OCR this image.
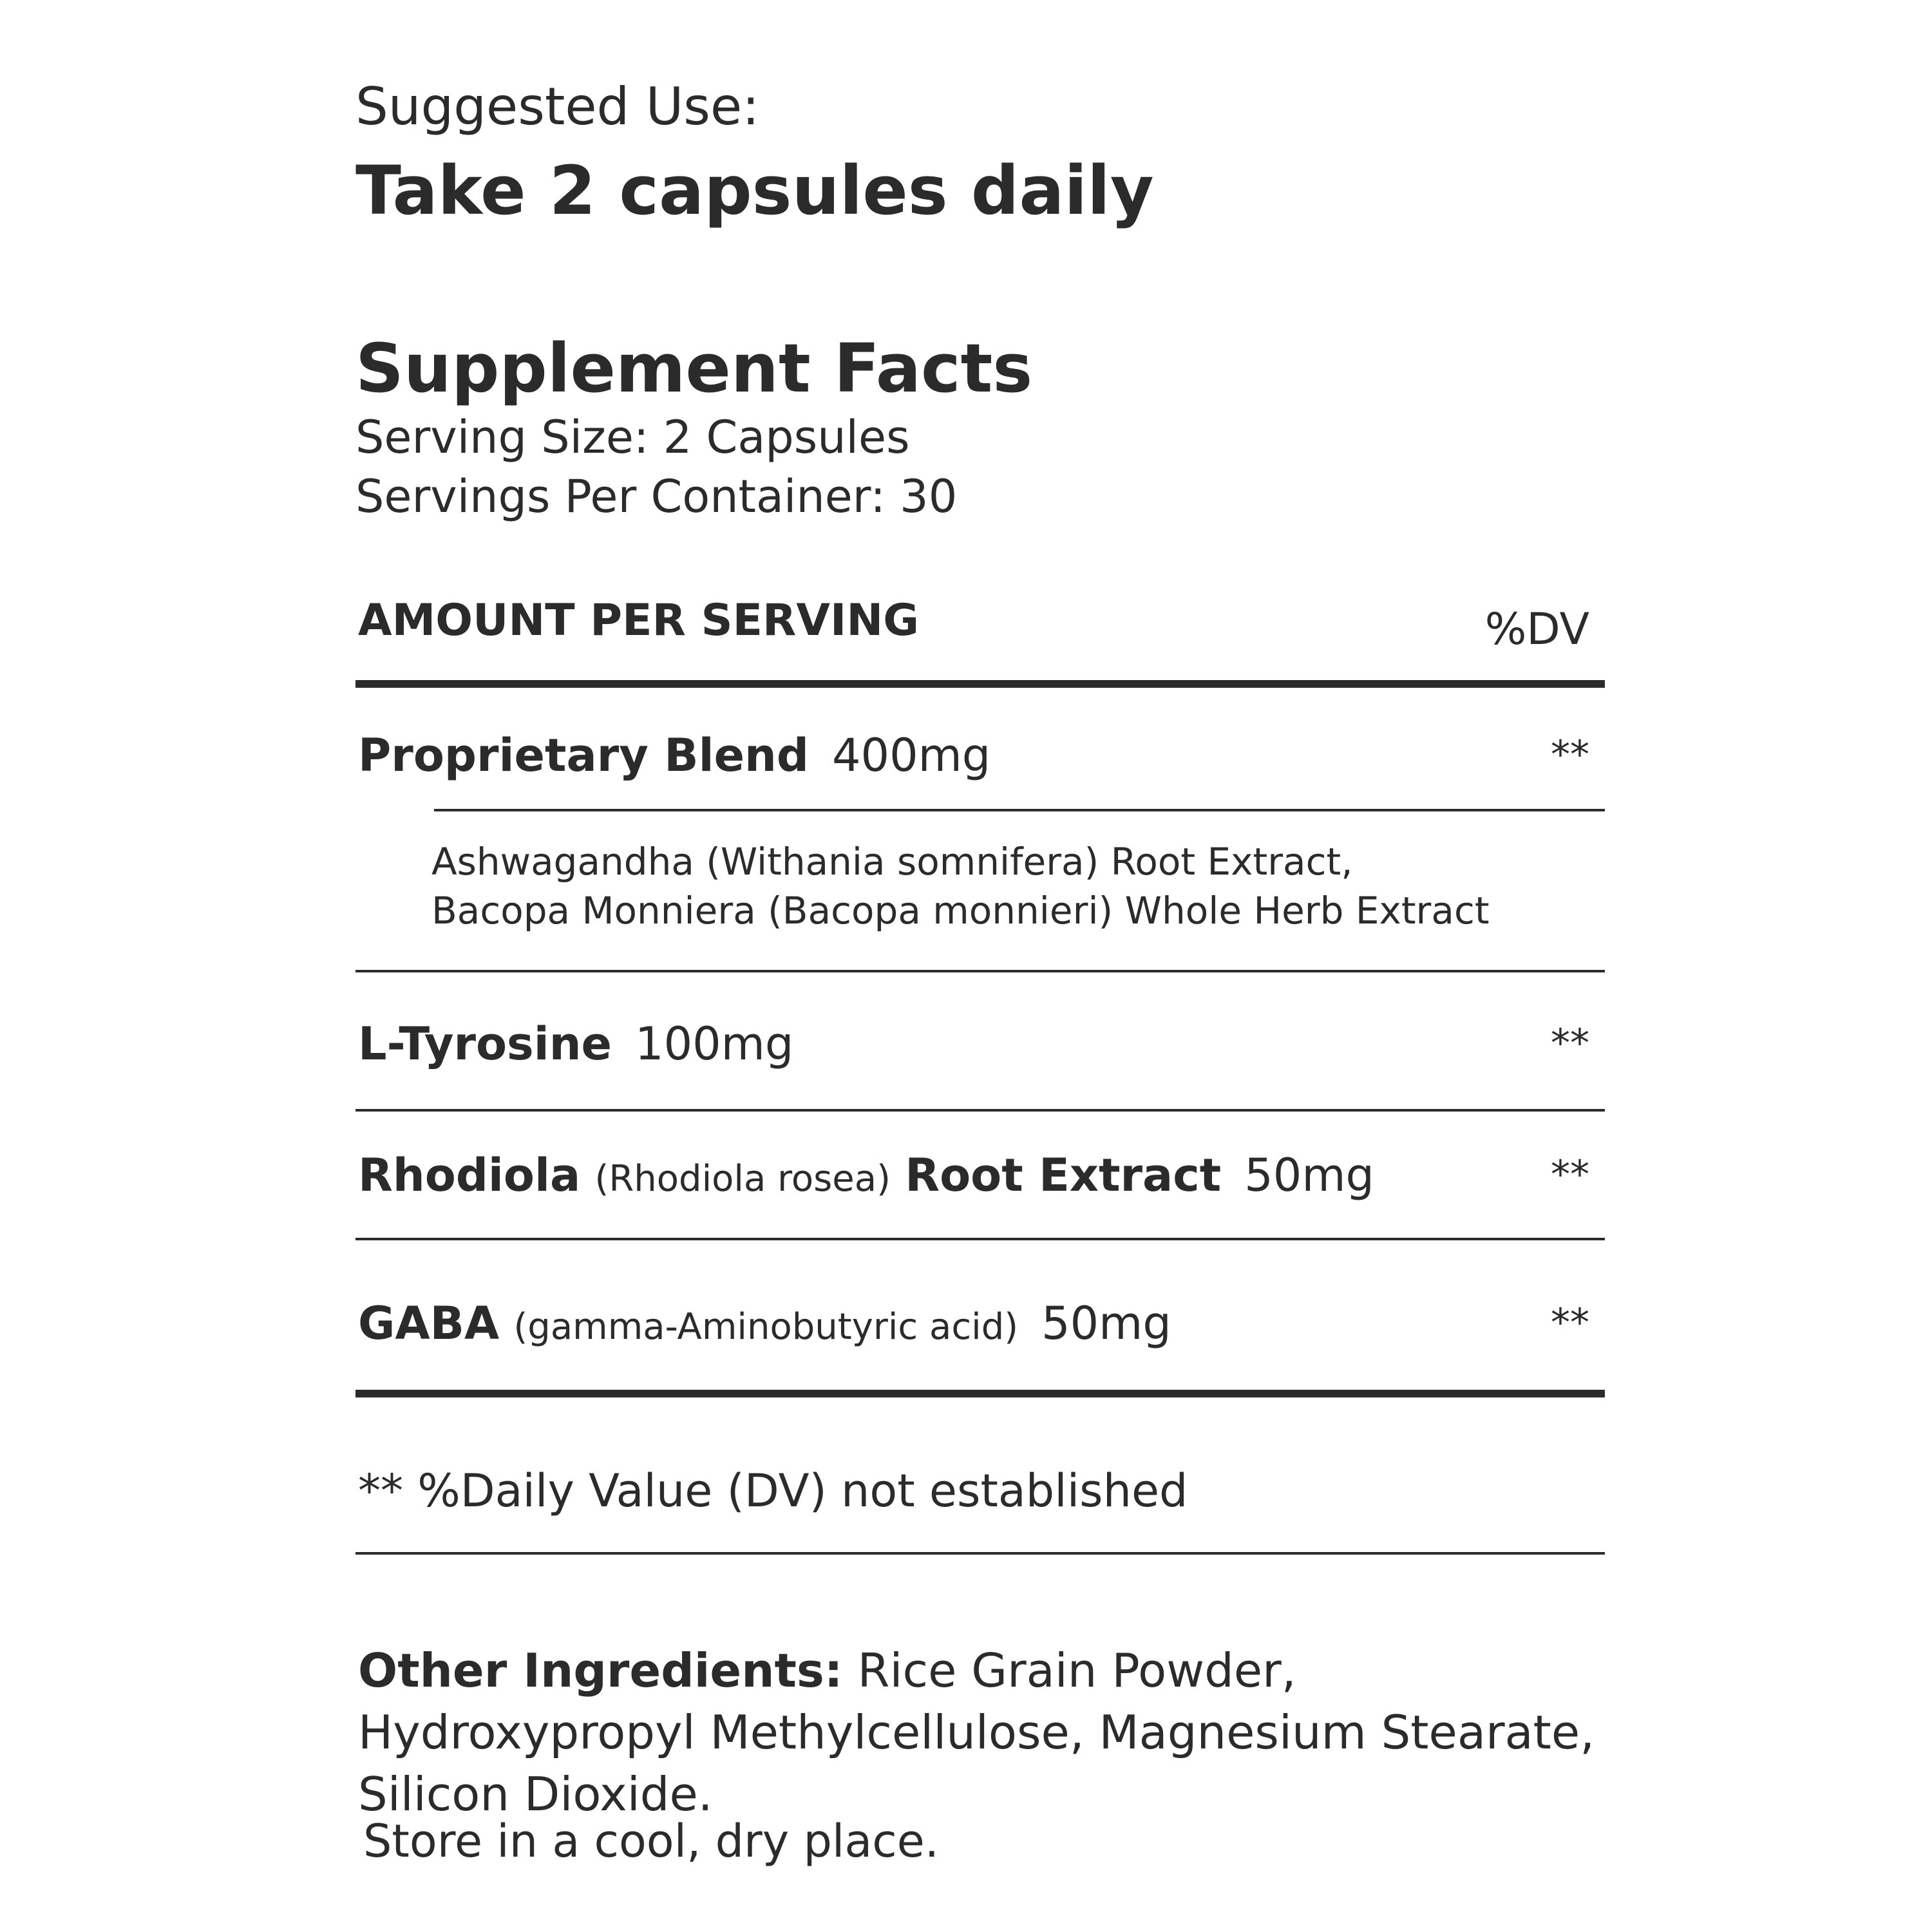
Suggested Use:
Take 2 capsules daily
Supplement Facts
Serving Size: 2 Capsules
Servings Per Container: 30
AMOUNT PER SERVING	%DV
Proprietary Blend 400mg	**
Ashwagandha (Withania somnifera) Root Extract,
Bacopa Monniera (Bacopa monnieri) Whole Herb Extract
L-Tyrosine 100mg	**
Rhodiola (Rhodiola rosea) Root Extract 50mg	**
GABA (gamma-Aminobutyric acid) 50mg	**
** %Daily Value (DV) not established
Other Ingredients: Rice Grain Powder, Hydroxypropyl Methylcellulose, Magnesium Stearate, Silicon Dioxide.
Store in a cool, dry place.
